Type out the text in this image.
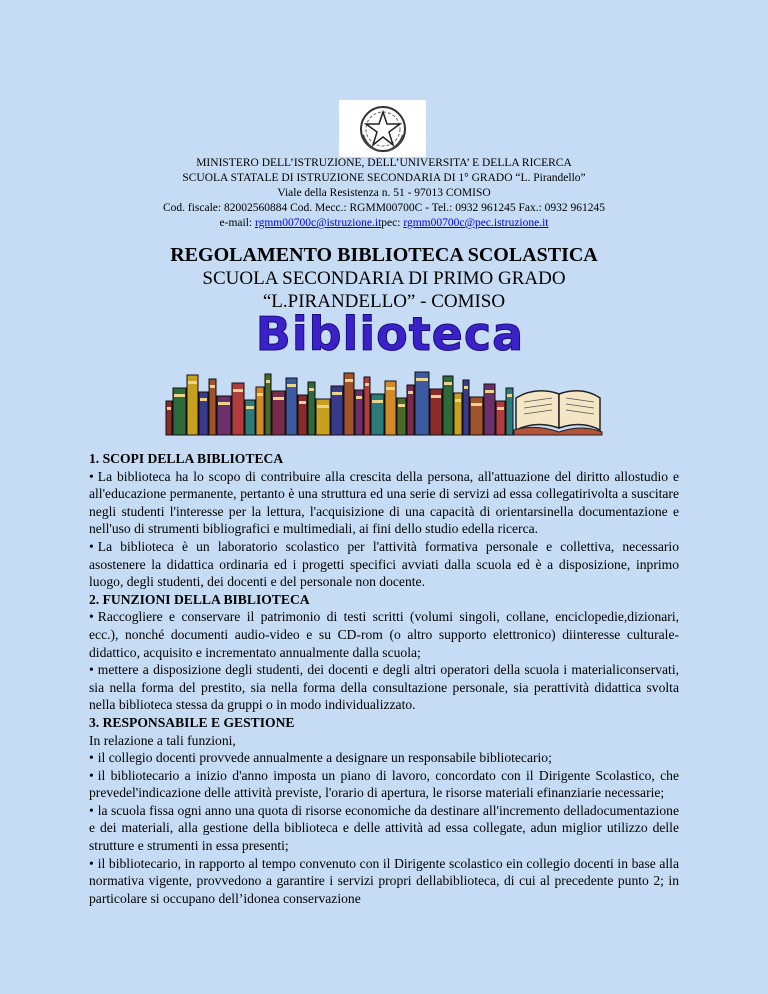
MINISTERO DELL’ISTRUZIONE, DELL’UNIVERSITA’ E DELLA RICERCA
SCUOLA STATALE DI ISTRUZIONE SECONDARIA DI 1° GRADO “L. Pirandello”
Viale della Resistenza n. 51 - 97013 COMISO
Cod. fiscale: 82002560884 Cod. Mecc.: RGMM00700C - Tel.: 0932 961245 Fax.: 0932 961245
e-mail: rgmm00700c@istruzione.itpec: rgmm00700c@pec.istruzione.it
REGOLAMENTO BIBLIOTECA SCOLASTICA
SCUOLA SECONDARIA DI PRIMO GRADO
“L.PIRANDELLO” - COMISO
Biblioteca

1. SCOPI DELLA BIBLIOTECA

• La biblioteca ha lo scopo di contribuire alla crescita della persona, all'attuazione del diritto allostudio e all'educazione permanente, pertanto è una struttura ed una serie di servizi ad essa collegatirivolta a suscitare negli studenti l'interesse per la lettura, l'acquisizione di una capacità di orientarsinella documentazione e nell'uso di strumenti bibliografici e multimediali, ai fini dello studio edella ricerca.

• La biblioteca è un laboratorio scolastico per l'attività formativa personale e collettiva, necessario asostenere la didattica ordinaria ed i progetti specifici avviati dalla scuola ed è a disposizione, inprimo luogo, degli studenti, dei docenti e del personale non docente.

2. FUNZIONI DELLA BIBLIOTECA

• Raccogliere e conservare il patrimonio di testi scritti (volumi singoli, collane, enciclopedie,dizionari, ecc.), nonché documenti audio-video e su CD-rom (o altro supporto elettronico) diinteresse culturale-didattico, acquisito e incrementato annualmente dalla scuola;

• mettere a disposizione degli studenti, dei docenti e degli altri operatori della scuola i materialiconservati, sia nella forma del prestito, sia nella forma della consultazione personale, sia perattività didattica svolta nella biblioteca stessa da gruppi o in modo individualizzato.

3. RESPONSABILE E GESTIONE

In relazione a tali funzioni,

• il collegio docenti provvede annualmente a designare un responsabile bibliotecario;

• il bibliotecario a inizio d'anno imposta un piano di lavoro, concordato con il Dirigente Scolastico, che prevedel'indicazione delle attività previste, l'orario di apertura, le risorse materiali efinanziarie necessarie;

• la scuola fissa ogni anno una quota di risorse economiche da destinare all'incremento delladocumentazione e dei materiali, alla gestione della biblioteca e delle attività ad essa collegate, adun miglior utilizzo delle strutture e strumenti in essa presenti;

• il bibliotecario, in rapporto al tempo convenuto con il Dirigente scolastico ein collegio docenti in base alla normativa vigente, provvedono a garantire i servizi propri dellabiblioteca, di cui al precedente punto 2; in particolare si occupano dell’idonea conservazione
